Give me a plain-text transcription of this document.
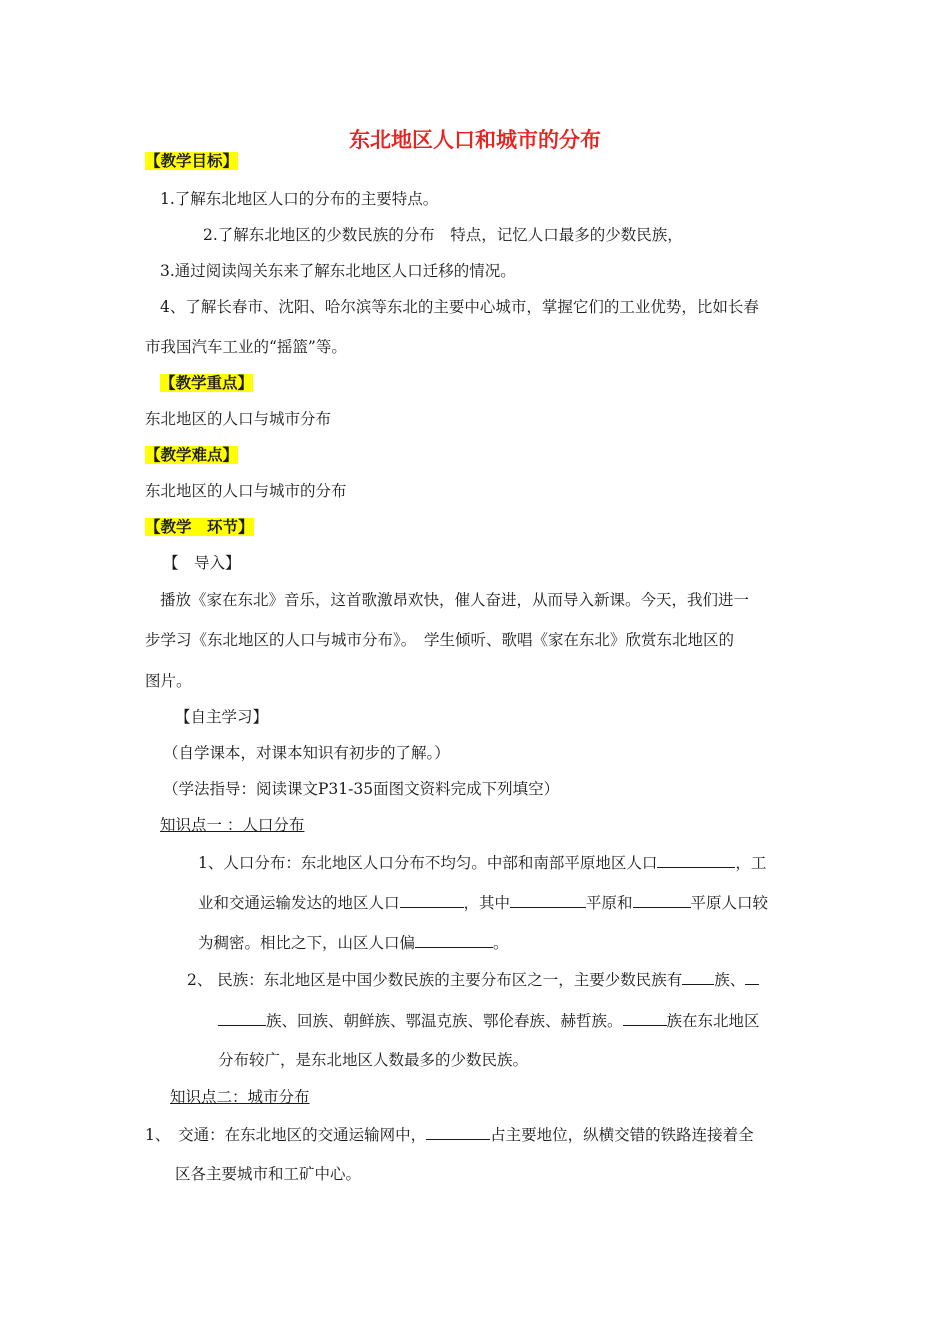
东北地区人口和城市的分布
【教学目标】
1.了解东北地区人口的分布的主要特点。
2.了解东北地区的少数民族的分布　特点，记忆人口最多的少数民族，
3.通过阅读闯关东来了解东北地区人口迁移的情况。
4、了解长春市、沈阳、哈尔滨等东北的主要中心城市，掌握它们的工业优势，比如长春
市我国汽车工业的“摇篮”等。
【教学重点】
东北地区的人口与城市分布
【教学难点】
东北地区的人口与城市的分布
【教学　环节】
【　导入】
播放《家在东北》音乐，这首歌激昂欢快，催人奋进，从而导入新课。今天，我们进一
步学习《东北地区的人口与城市分布》。　学生倾听、歌唱《家在东北》欣赏东北地区的
图片。
【自主学习】
（自学课本，对课本知识有初步的了解。）
（学法指导：阅读课文P31-35面图文资料完成下列填空）
知识点一 ：人口分布
1、人口分布：东北地区人口分布不均匀。中部和南部平原地区人口	，工
业和交通运输发达的地区人口	，其中	平原和	平原人口较
为稠密。相比之下，山区人口偏	。
2、 民族：东北地区是中国少数民族的主要分布区之一，主要少数民族有 族、
族、回族、朝鲜族、鄂温克族、鄂伦春族、赫哲族。	族在东北地区
分布较广，是东北地区人数最多的少数民族。
知识点二：城市分布
1、　交通：在东北地区的交通运输网中，	占主要地位，纵横交错的铁路连接着全
区各主要城市和工矿中心。
